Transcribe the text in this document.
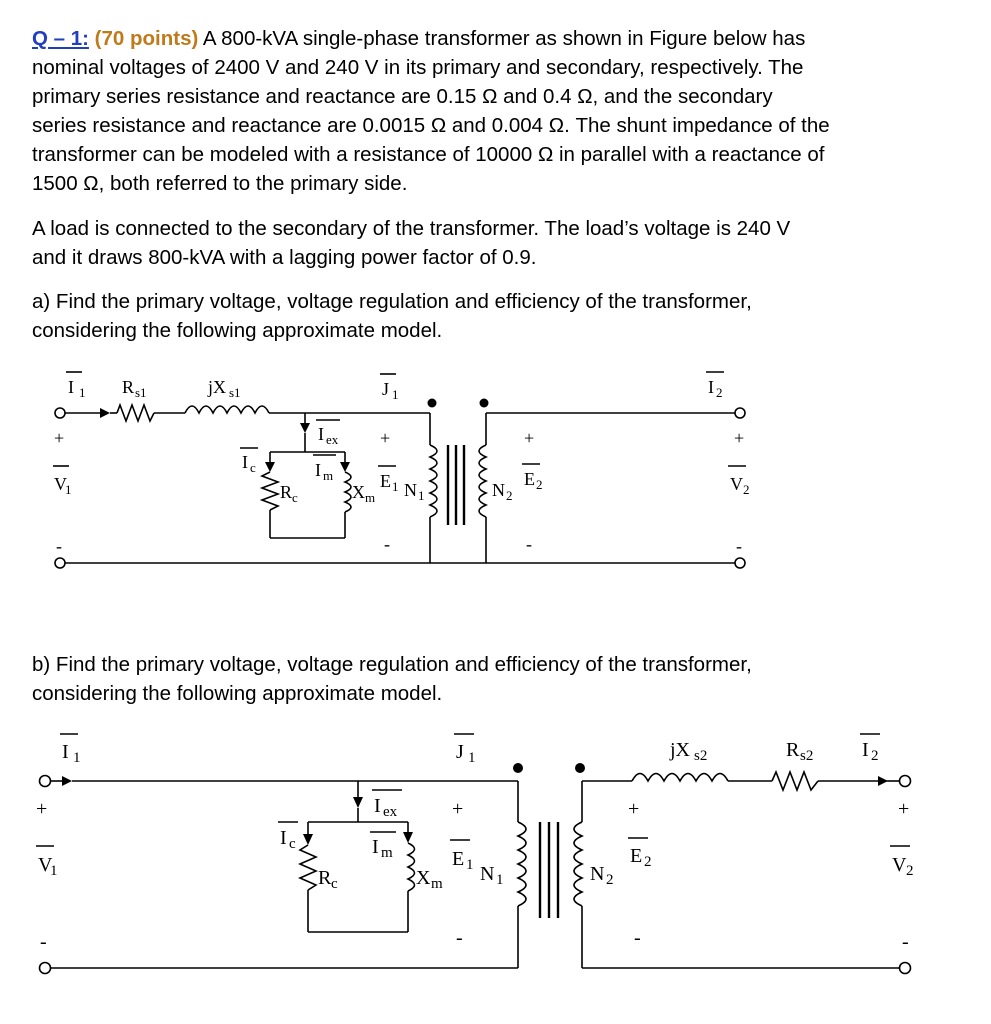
Q – 1: (70 points) A 800-kVA single-phase transformer as shown in Figure below has
nominal voltages of 2400 V and 240 V in its primary and secondary, respectively. The
primary series resistance and reactance are 0.15 Ω and 0.4 Ω, and the secondary
series resistance and reactance are 0.0015 Ω and 0.004 Ω. The shunt impedance of the
transformer can be modeled with a resistance of 10000 Ω in parallel with a reactance of
1500 Ω, both referred to the primary side.
A load is connected to the secondary of the transformer. The load’s voltage is 240 V
and it draws 800-kVA with a lagging power factor of 0.9.
a) Find the primary voltage, voltage regulation and efficiency of the transformer,
considering the following approximate model.
b) Find the primary voltage, voltage regulation and efficiency of the transformer,
considering the following approximate model.
I 1 R s1	jX s1	J 1	I 2
I ex
I c	I m
+
E 1
-
N 1	N 2
+
E 2
-
+
V
1
-
+
V 2
-
R c	X m
I 1	J 1	jX s2	R s2 I 2
I ex
I c	I m
+
E 1
-
N 1	N 2
+
E 2
-
+
V
1
-
+
V 2
-
R c	X m
